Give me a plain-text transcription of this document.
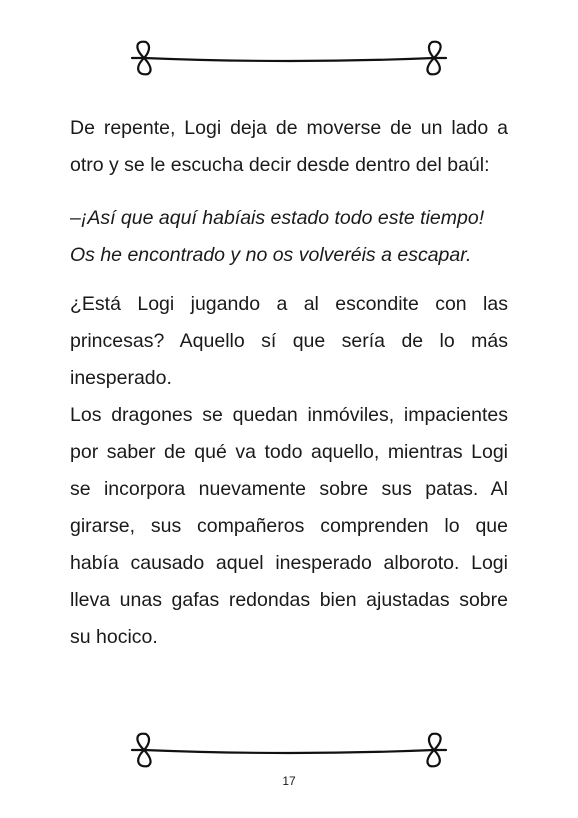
De repente, Logi deja de moverse de un lado a otro y se le escucha decir desde dentro del baúl:

–¡Así que aquí habíais estado todo este tiempo!

Os he encontrado y no os volveréis a escapar.

¿Está Logi jugando a al escondite con las princesas? Aquello sí que sería de lo más inesperado.

Los dragones se quedan inmóviles, impacientes por saber de qué va todo aquello, mientras Logi se incorpora nuevamente sobre sus patas. Al girarse, sus compañeros comprenden lo que había causado aquel inesperado alboroto. Logi lleva unas gafas redondas bien ajustadas sobre su hocico.

17
